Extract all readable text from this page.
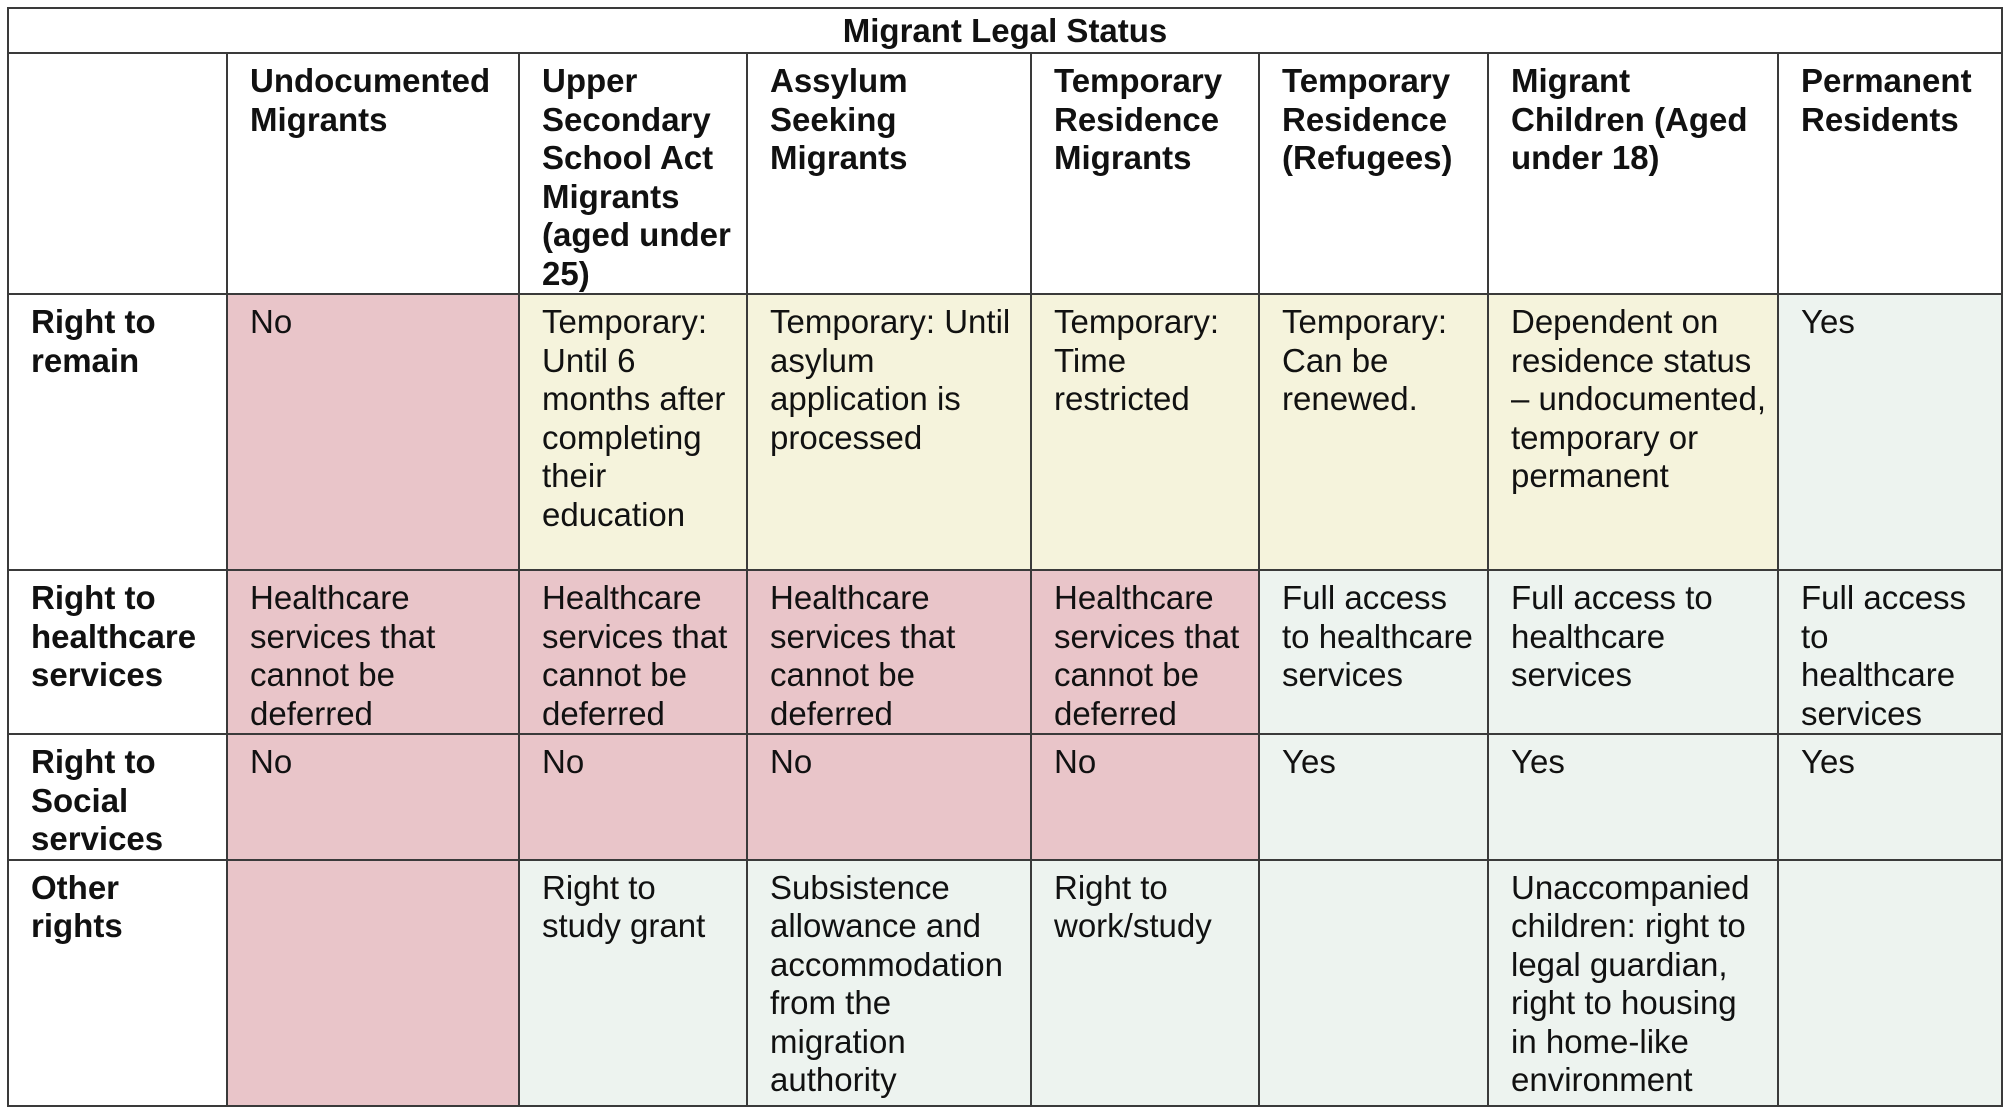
Migrant Legal Status							
	Undocumented Migrants	Upper Secondary School Act Migrants (aged under 25)	Assylum Seeking Migrants	Temporary Residence Migrants	Temporary Residence (Refugees)	Migrant Children (Aged under 18)	Permanent Residents
Right to remain	No	Temporary: Until 6 months after completing their education	Temporary: Until asylum application is processed	Temporary: Time restricted	Temporary: Can be renewed.	Dependent on residence status – undocumented, temporary or permanent	Yes
Right to healthcare services	Healthcare services that cannot be deferred	Healthcare services that cannot be deferred	Healthcare services that cannot be deferred	Healthcare services that cannot be deferred	Full access to healthcare services	Full access to healthcare services	Full access to healthcare services
Right to Social services	No	No	No	No	Yes	Yes	Yes
Other rights		Right to study grant	Subsistence allowance and accommodation from the migration authority	Right to work/study		Unaccompanied children: right to legal guardian, right to housing in home-like environment	
